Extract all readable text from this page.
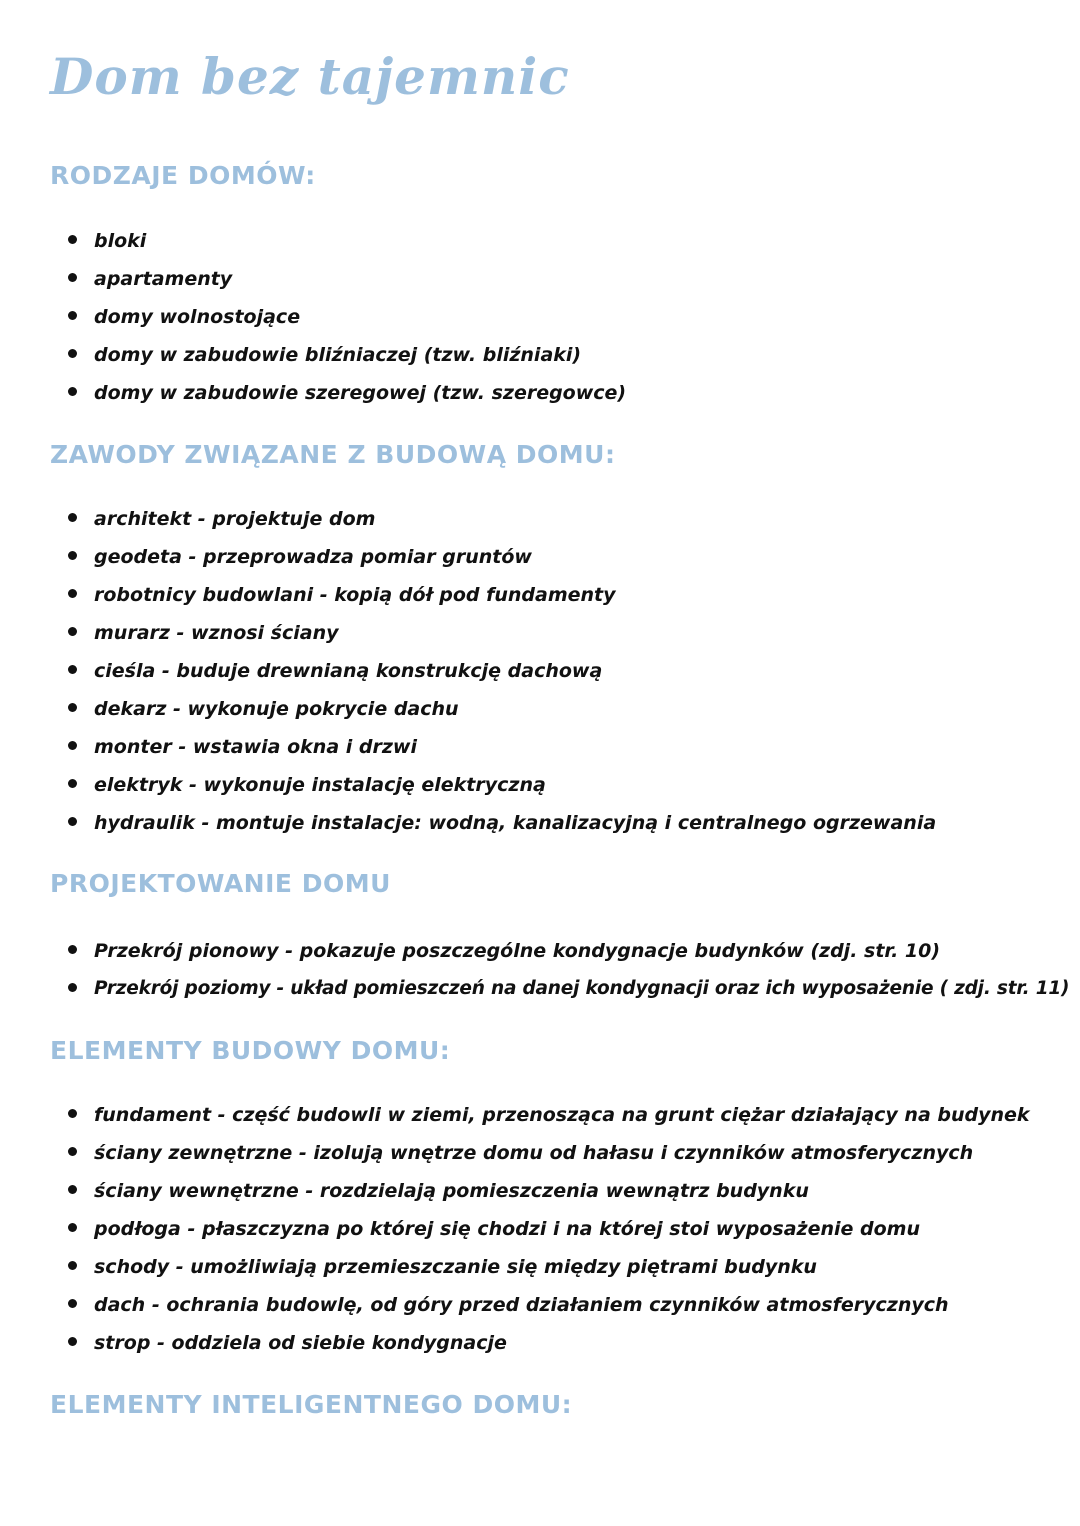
Dom bez tajemnic
RODZAJE DOMÓW:
bloki
apartamenty
domy wolnostojące
domy w zabudowie bliźniaczej (tzw. bliźniaki)
domy w zabudowie szeregowej (tzw. szeregowce)
ZAWODY ZWIĄZANE Z BUDOWĄ DOMU:
architekt - projektuje dom
geodeta - przeprowadza pomiar gruntów
robotnicy budowlani - kopią dół pod fundamenty
murarz - wznosi ściany
cieśla - buduje drewnianą konstrukcję dachową
dekarz - wykonuje pokrycie dachu
monter - wstawia okna i drzwi
elektryk - wykonuje instalację elektryczną
hydraulik - montuje instalacje: wodną, kanalizacyjną i centralnego ogrzewania
PROJEKTOWANIE DOMU
Przekrój pionowy - pokazuje poszczególne kondygnacje budynków (zdj. str. 10)
Przekrój poziomy - układ pomieszczeń na danej kondygnacji oraz ich wyposażenie ( zdj. str. 11)
ELEMENTY BUDOWY DOMU:
fundament - część budowli w ziemi, przenosząca na grunt ciężar działający na budynek
ściany zewnętrzne - izolują wnętrze domu od hałasu i czynników atmosferycznych
ściany wewnętrzne - rozdzielają pomieszczenia wewnątrz budynku
podłoga - płaszczyzna po której się chodzi i na której stoi wyposażenie domu
schody - umożliwiają przemieszczanie się między piętrami budynku
dach - ochrania budowlę, od góry przed działaniem czynników atmosferycznych
strop - oddziela od siebie kondygnacje
ELEMENTY INTELIGENTNEGO DOMU:
